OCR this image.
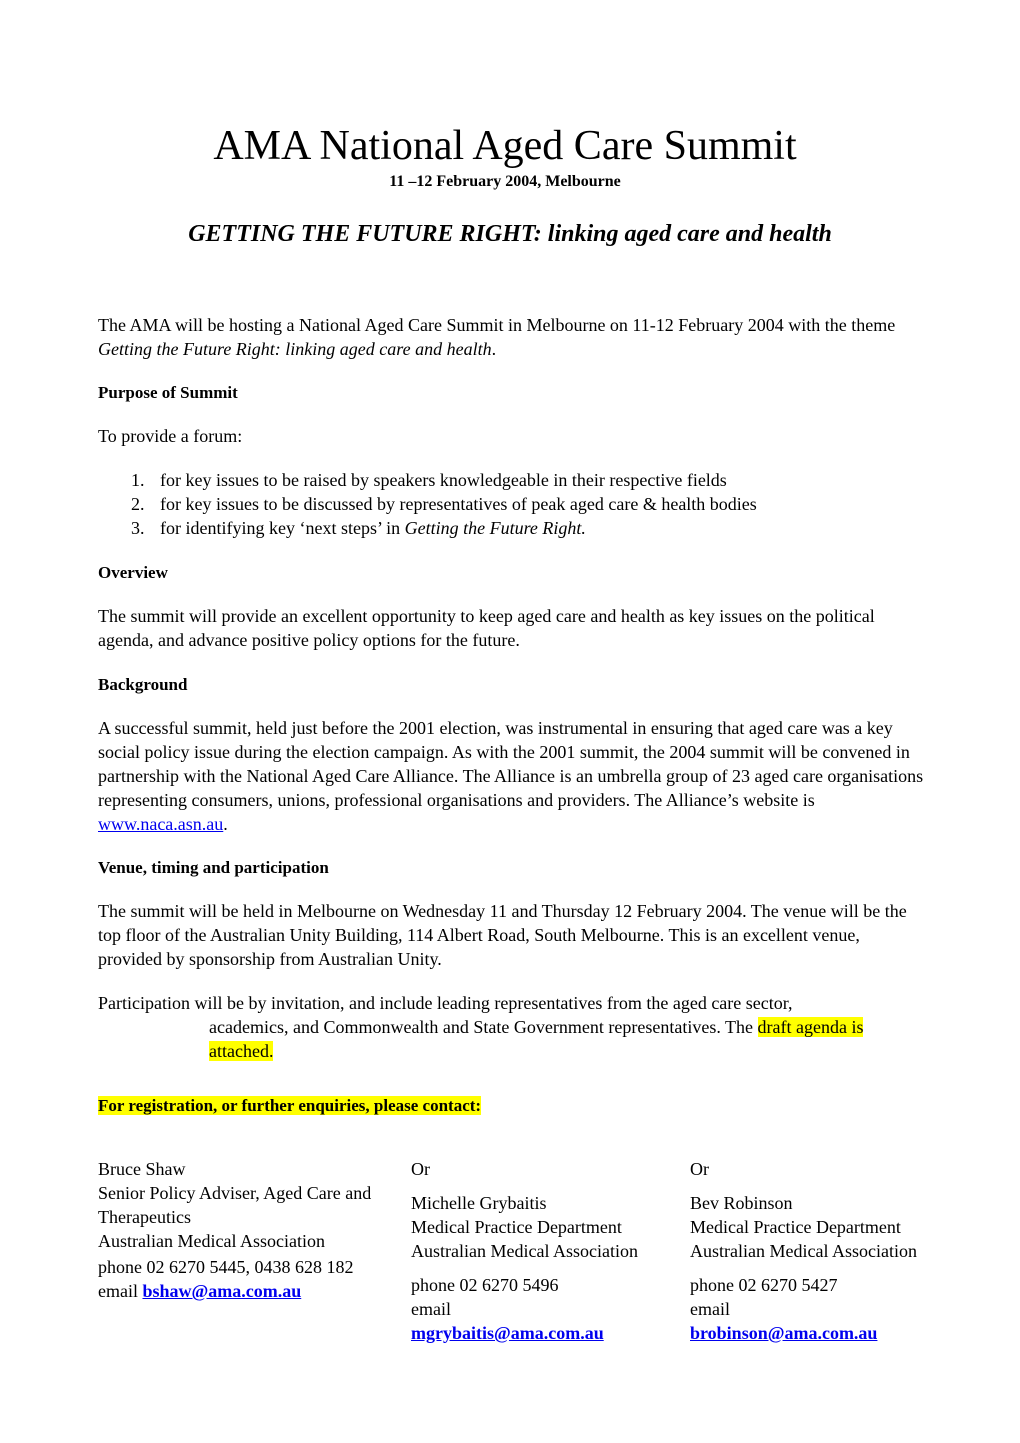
AMA National Aged Care Summit
11 –12 February 2004, Melbourne
GETTING THE FUTURE RIGHT: linking aged care and health
The AMA will be hosting a National Aged Care Summit in Melbourne on 11-12 February 2004 with the theme Getting the Future Right: linking aged care and health.
Purpose of Summit
To provide a forum:
1. for key issues to be raised by speakers knowledgeable in their respective fields
2. for key issues to be discussed by representatives of peak aged care & health bodies
3. for identifying key ‘next steps’ in Getting the Future Right.
Overview
The summit will provide an excellent opportunity to keep aged care and health as key issues on the political agenda, and advance positive policy options for the future.
Background
A successful summit, held just before the 2001 election, was instrumental in ensuring that aged care was a key social policy issue during the election campaign. As with the 2001 summit, the 2004 summit will be convened in partnership with the National Aged Care Alliance. The Alliance is an umbrella group of 23 aged care organisations representing consumers, unions, professional organisations and providers. The Alliance’s website is www.naca.asn.au.
Venue, timing and participation
The summit will be held in Melbourne on Wednesday 11 and Thursday 12 February 2004. The venue will be the top floor of the Australian Unity Building, 114 Albert Road, South Melbourne. This is an excellent venue, provided by sponsorship from Australian Unity.
Participation will be by invitation, and include leading representatives from the aged care sector,
academics, and Commonwealth and State Government representatives. The draft agenda is attached.
For registration, or further enquiries, please contact:
Bruce Shaw
Senior Policy Adviser, Aged Care and Therapeutics
Australian Medical Association
phone 02 6270 5445, 0438 628 182
email bshaw@ama.com.au
Or
Michelle Grybaitis
Medical Practice Department
Australian Medical Association
phone 02 6270 5496
email
mgrybaitis@ama.com.au
Or
Bev Robinson
Medical Practice Department
Australian Medical Association
phone 02 6270 5427
email
brobinson@ama.com.au
